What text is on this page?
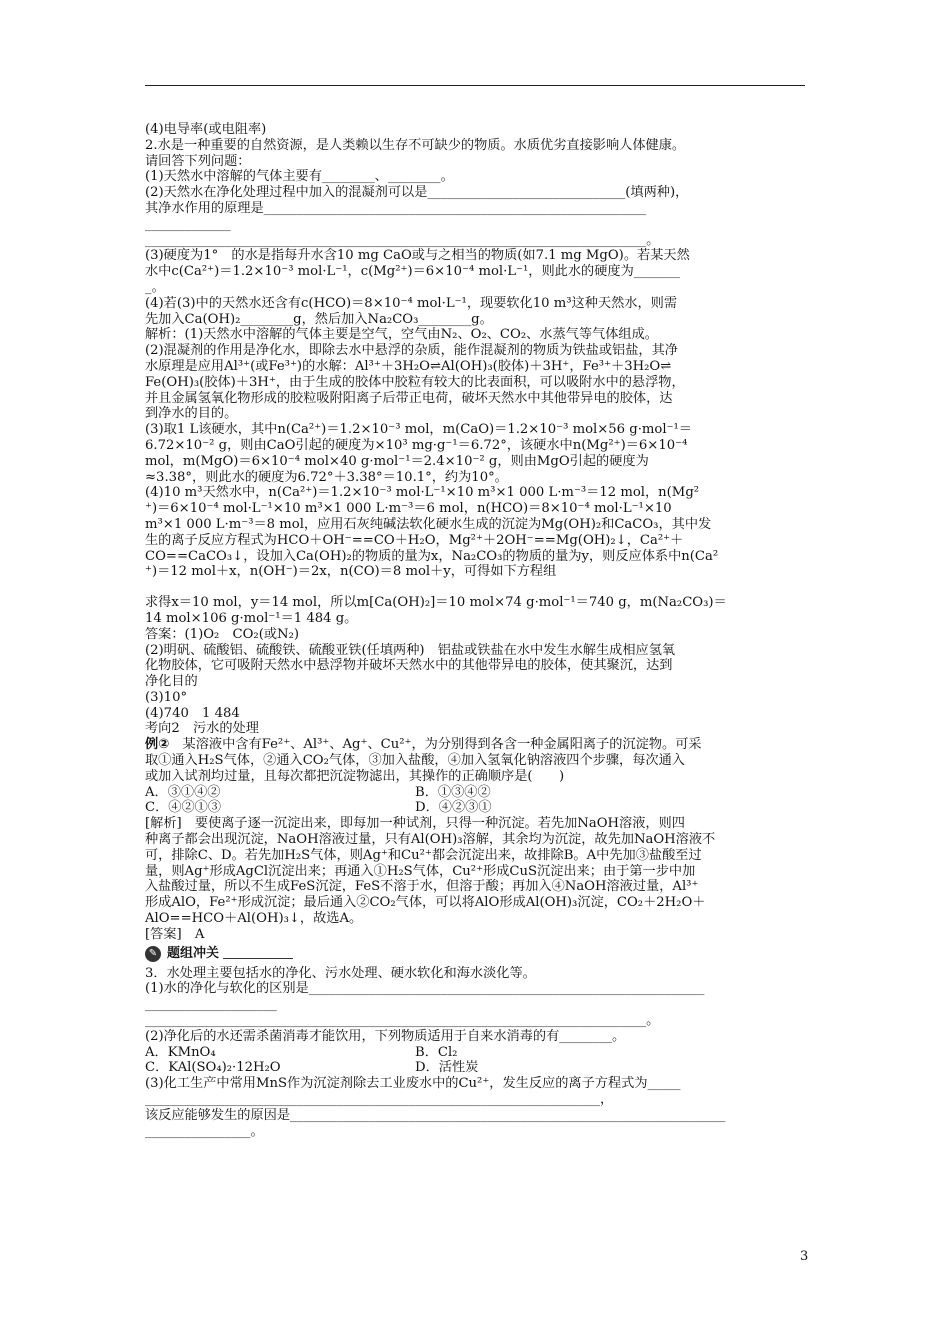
(4)电导率(或电阻率)

2.水是一种重要的自然资源，是人类赖以生存不可缺少的物质。水质优劣直接影响人体健康。

请回答下列问题：

(1)天然水中溶解的气体主要有________、________。

(2)天然水在净化处理过程中加入的混凝剂可以是______________________________(填两种)，

其净水作用的原理是__________________________________________________________

_____________

____________________________________________________________________________。

(3)硬度为1°　的水是指每升水含10 mg CaO或与之相当的物质(如7.1 mg MgO)。若某天然

水中c(Ca²⁺)＝1.2×10⁻³ mol·L⁻¹，c(Mg²⁺)＝6×10⁻⁴ mol·L⁻¹，则此水的硬度为_______

_。

(4)若(3)中的天然水还含有c(HCO)＝8×10⁻⁴ mol·L⁻¹，现要软化10 m³这种天然水，则需

先加入Ca(OH)₂________g，然后加入Na₂CO₃________g。

解析：(1)天然水中溶解的气体主要是空气，空气由N₂、O₂、CO₂、水蒸气等气体组成。

(2)混凝剂的作用是净化水，即除去水中悬浮的杂质，能作混凝剂的物质为铁盐或铝盐，其净

水原理是应用Al³⁺(或Fe³⁺)的水解：Al³⁺＋3H₂O⇌Al(OH)₃(胶体)＋3H⁺，Fe³⁺＋3H₂O⇌

Fe(OH)₃(胶体)＋3H⁺，由于生成的胶体中胶粒有较大的比表面积，可以吸附水中的悬浮物，

并且金属氢氧化物形成的胶粒吸附阳离子后带正电荷，破坏天然水中其他带异电的胶体，达

到净水的目的。

(3)取1 L该硬水，其中n(Ca²⁺)＝1.2×10⁻³ mol，m(CaO)＝1.2×10⁻³ mol×56 g·mol⁻¹＝

6.72×10⁻² g，则由CaO引起的硬度为×10³ mg·g⁻¹＝6.72°，该硬水中n(Mg²⁺)＝6×10⁻⁴

mol，m(MgO)＝6×10⁻⁴ mol×40 g·mol⁻¹＝2.4×10⁻² g，则由MgO引起的硬度为

≈3.38°，则此水的硬度为6.72°＋3.38°＝10.1°，约为10°。

(4)10 m³天然水中，n(Ca²⁺)＝1.2×10⁻³ mol·L⁻¹×10 m³×1 000 L·m⁻³＝12 mol，n(Mg²

⁺)＝6×10⁻⁴ mol·L⁻¹×10 m³×1 000 L·m⁻³＝6 mol，n(HCO)＝8×10⁻⁴ mol·L⁻¹×10

m³×1 000 L·m⁻³＝8 mol，应用石灰纯碱法软化硬水生成的沉淀为Mg(OH)₂和CaCO₃，其中发

生的离子反应方程式为HCO＋OH⁻==CO＋H₂O，Mg²⁺＋2OH⁻==Mg(OH)₂↓，Ca²⁺＋

CO==CaCO₃↓，设加入Ca(OH)₂的物质的量为x，Na₂CO₃的物质的量为y，则反应体系中n(Ca²

⁺)＝12 mol＋x，n(OH⁻)＝2x，n(CO)＝8 mol＋y，可得如下方程组

求得x＝10 mol，y＝14 mol，所以m[Ca(OH)₂]＝10 mol×74 g·mol⁻¹＝740 g，m(Na₂CO₃)＝

14 mol×106 g·mol⁻¹＝1 484 g。

答案：(1)O₂　CO₂(或N₂)

(2)明矾、硫酸铝、硫酸铁、硫酸亚铁(任填两种)　铝盐或铁盐在水中发生水解生成相应氢氧

化物胶体，它可吸附天然水中悬浮物并破坏天然水中的其他带异电的胶体，使其聚沉，达到

净化目的

(3)10°

(4)740　1 484

考向2　污水的处理

例②　某溶液中含有Fe²⁺、Al³⁺、Ag⁺、Cu²⁺，为分别得到各含一种金属阳离子的沉淀物。可采

取①通入H₂S气体，②通入CO₂气体，③加入盐酸，④加入氢氧化钠溶液四个步骤，每次通入

或加入试剂均过量，且每次都把沉淀物滤出，其操作的正确顺序是(　　)

A．③①④②	B．①③④②

C．④②①③	D．④②③①

[解析]　要使离子逐一沉淀出来，即每加一种试剂，只得一种沉淀。若先加NaOH溶液，则四

种离子都会出现沉淀，NaOH溶液过量，只有Al(OH)₃溶解，其余均为沉淀，故先加NaOH溶液不

可，排除C、D。若先加H₂S气体，则Ag⁺和Cu²⁺都会沉淀出来，故排除B。A中先加③盐酸至过

量，则Ag⁺形成AgCl沉淀出来；再通入①H₂S气体，Cu²⁺形成CuS沉淀出来；由于第一步中加

入盐酸过量，所以不生成FeS沉淀，FeS不溶于水，但溶于酸；再加入④NaOH溶液过量，Al³⁺

形成AlO，Fe²⁺形成沉淀；最后通入②CO₂气体，可以将AlO形成Al(OH)₃沉淀，CO₂＋2H₂O＋

AlO==HCO＋Al(OH)₃↓，故选A。

[答案]　A

✎ 题组冲关

3．水处理主要包括水的净化、污水处理、硬水软化和海水淡化等。

(1)水的净化与软化的区别是____________________________________________________________

____________________

____________________________________________________________________________。

(2)净化后的水还需杀菌消毒才能饮用，下列物质适用于自来水消毒的有________。

A．KMnO₄	B．Cl₂

C．KAl(SO₄)₂·12H₂O	D．活性炭

(3)化工生产中常用MnS作为沉淀剂除去工业废水中的Cu²⁺，发生反应的离子方程式为_____

_____________________________________________________________________，

该反应能够发生的原因是__________________________________________________________________

________________。

3
